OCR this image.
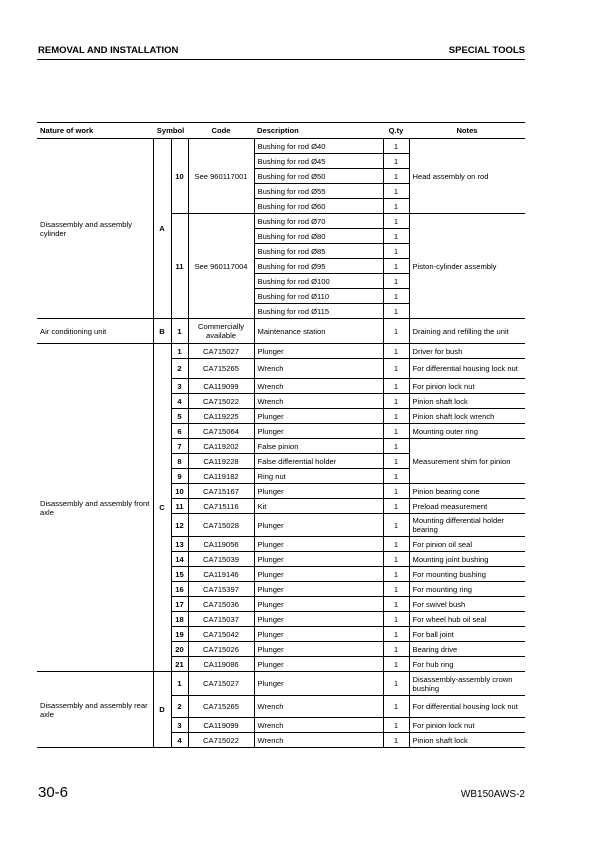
REMOVAL AND INSTALLATION	SPECIAL TOOLS
Nature of work	Symbol		Code	Description	Q.ty	Notes
Disassembly and assembly cylinder	A	10	See 960117001	Bushing for rod Ø40	1	Head assembly on rod
				Bushing for rod Ø45	1	
				Bushing for rod Ø50	1	
				Bushing for rod Ø55	1	
				Bushing for rod Ø60	1	
		11	See 960117004	Bushing for rod Ø70	1	Piston-cylinder assembly
				Bushing for rod Ø80	1	
				Bushing for rod Ø85	1	
				Bushing for rod Ø95	1	
				Bushing for rod Ø100	1	
				Bushing for rod Ø110	1	
				Bushing for rod Ø115	1	
Air conditioning unit	B	1	Commercially available	Maintenance station	1	Draining and refilling the unit
Disassembly and assembly front axle	C	1	CA715027	Plunger	1	Driver for bush
		2	CA715265	Wrench	1	For differential housing lock nut
		3	CA119099	Wrench	1	For pinion lock nut
		4	CA715022	Wrench	1	Pinion shaft lock
		5	CA119225	Plunger	1	Pinion shaft lock wrench
		6	CA715064	Plunger	1	Mounting outer ring
		7	CA119202	False pinion	1	Measurement shim for pinion
		8	CA119228	False differential holder	1	
		9	CA119182	Ring nut	1	
		10	CA715167	Plunger	1	Pinion bearing cone
		11	CA715116	Kit	1	Preload measurement
		12	CA715028	Plunger	1	Mounting differential holder bearing
		13	CA119056	Plunger	1	For pinion oil seal
		14	CA715039	Plunger	1	Mounting joint bushing
		15	CA119146	Plunger	1	For mounting bushing
		16	CA715397	Plunger	1	For mounting ring
		17	CA715036	Plunger	1	For swivel bush
		18	CA715037	Plunger	1	For wheel hub oil seal
		19	CA715042	Plunger	1	For ball joint
		20	CA715026	Plunger	1	Bearing drive
		21	CA119086	Plunger	1	For hub ring
Disassembly and assembly rear axle	D	1	CA715027	Plunger	1	Disassembly-assembly crown bushing
		2	CA715265	Wrench	1	For differential housing lock nut
		3	CA119099	Wrench	1	For pinion lock nut
		4	CA715022	Wrench	1	Pinion shaft lock
30-6	WB150AWS-2
